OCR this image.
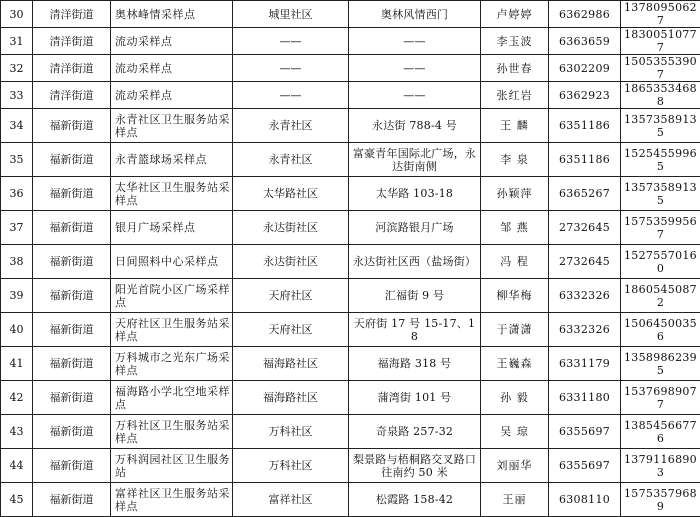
30	清洋街道	奥林峰情采样点	城里社区	奥林风情西门	卢婷婷	6362986	13780950627
31	清洋街道	流动采样点	——	——	李玉波	6363659	18300510777
32	清洋街道	流动采样点	——	——	孙世春	6302209	15053553907
33	清洋街道	流动采样点	——	——	张红岩	6362923	18653534688
34	福新街道	永青社区卫生服务站采样点	永青社区	永达街 788-4 号	王 麟	6351186	13573589135
35	福新街道	永青篮球场采样点	永青社区	富豪青年国际北广场，永达街南侧	李 泉	6351186	15254559965
36	福新街道	太华社区卫生服务站采样点	太华路社区	太华路 103-18	孙颖萍	6365267	13573589135
37	福新街道	银月广场采样点	永达街社区	河滨路银月广场	邹 燕	2732645	15753599567
38	福新街道	日间照料中心采样点	永达街社区	永达街社区西（盐场街）	冯 程	2732645	15275570160
39	福新街道	阳光首院小区广场采样点	天府社区	汇福街 9 号	柳华梅	6332326	18605450872
40	福新街道	天府社区卫生服务站采样点	天府社区	天府街 17 号 15-17、18	于潇潇	6332326	15064500356
41	福新街道	万科城市之光东广场采样点	福海路社区	福海路 318 号	王巍森	6331179	13589862395
42	福新街道	福海路小学北空地采样点	福海路社区	蒲湾街 101 号	孙 毅	6331180	15376989077
43	福新街道	万科社区卫生服务站采样点	万科社区	奇泉路 257-32	吴 琼	6355697	13854566776
44	福新街道	万科润园社区卫生服务站	万科社区	梨景路与梧桐路交叉路口往南约 50 米	刘丽华	6355697	13791168903
45	福新街道	富祥社区卫生服务站采样点	富祥社区	松霞路 158-42	王丽	6308110	15753579689
